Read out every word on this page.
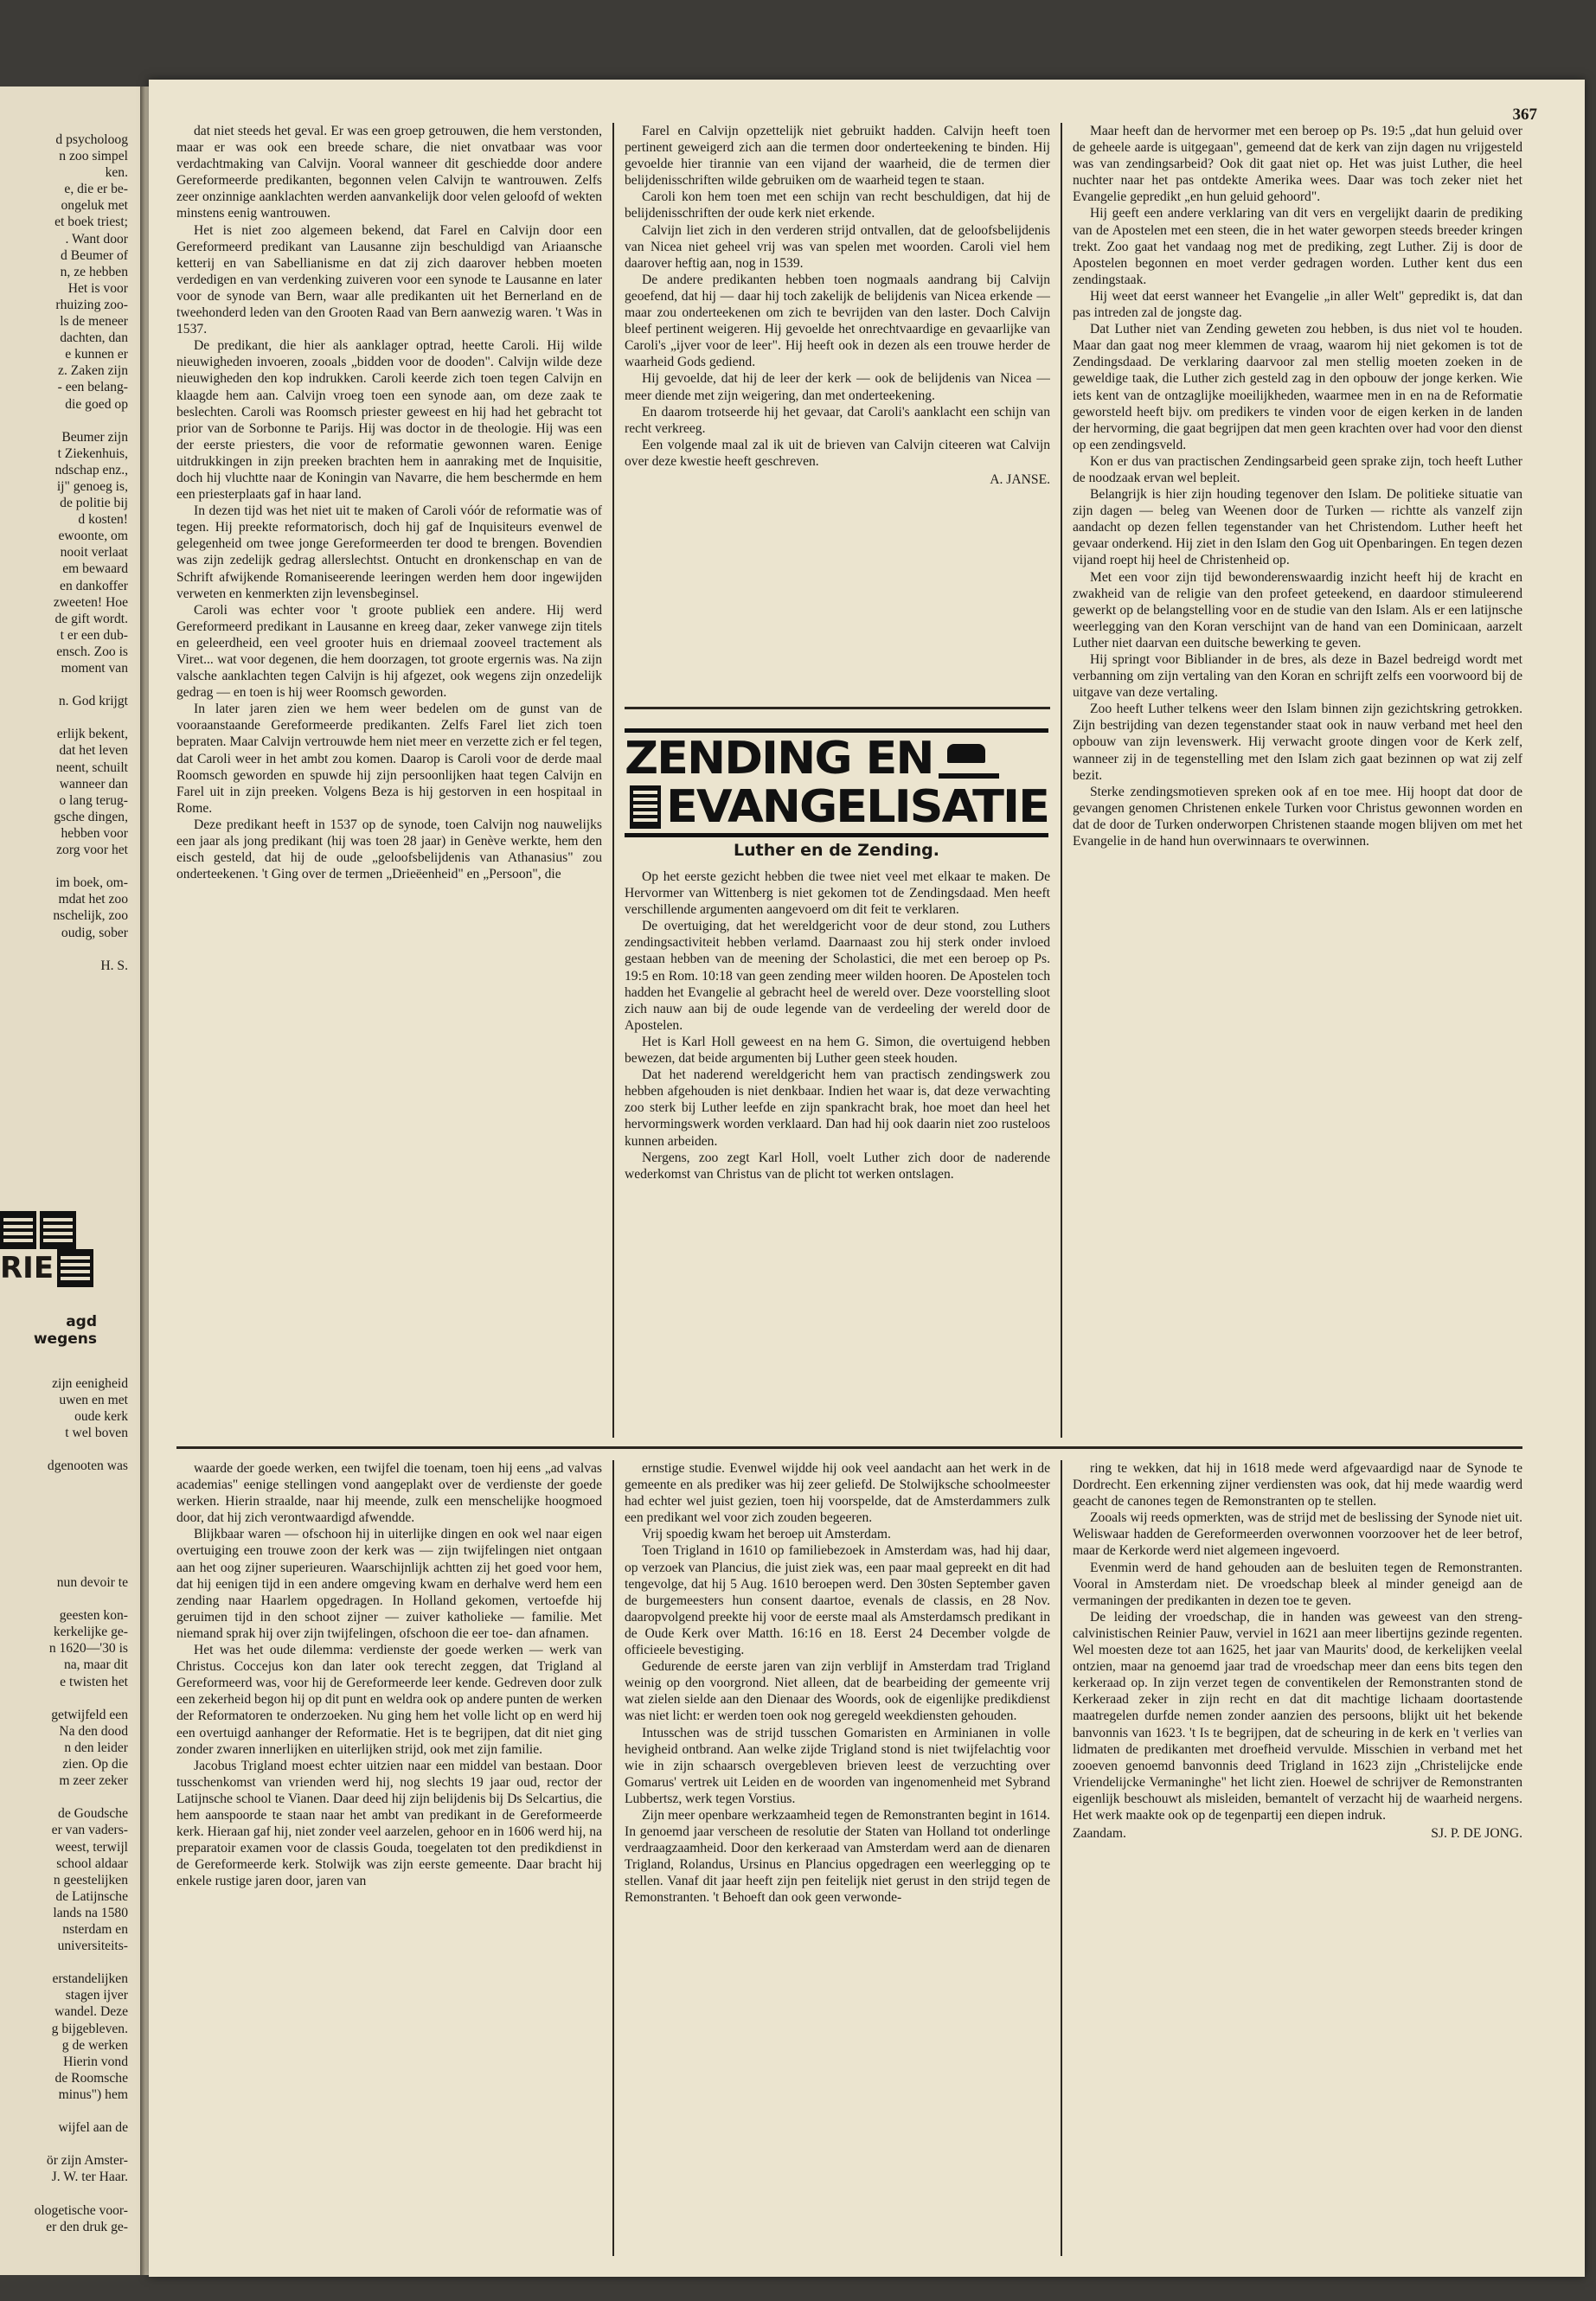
d psycholoog
n zoo simpel
ken.
e, die er be-
ongeluk met
et boek triest;
. Want door
d Beumer of
n, ze hebben
Het is voor
rhuizing zoo-
ls de meneer
dachten, dan
e kunnen er
z. Zaken zijn
- een belang-
die goed op

Beumer zijn
t Ziekenhuis,
ndschap enz.,
ij" genoeg is,
de politie bij
d kosten!
ewoonte, om
nooit verlaat
em bewaard
en dankoffer
zweeten! Hoe
de gift wordt.
t er een dub-
ensch. Zoo is
moment van

n. God krijgt

erlijk bekent,
dat het leven
neent, schuilt
wanneer dan
o lang terug-
gsche dingen,
hebben voor
zorg voor het

im boek, om-
mdat het zoo
nschelijk, zoo
oudig, sober

H. S.
RIE
agd wegens
zijn eenigheid
uwen en met
oude kerk
t wel boven

dgenooten was
nun devoir te

geesten kon-
kerkelijke ge-
n 1620—'30 is
na, maar dit
e twisten het

getwijfeld een
Na den dood
n den leider
zien. Op die
m zeer zeker

de Goudsche
er van vaders-
weest, terwijl
school aldaar
n geestelijken
de Latijnsche
lands na 1580
nsterdam en
universiteits-

erstandelijken
stagen ijver
wandel. Deze
g bijgebleven.
g de werken
Hierin vond
de Roomsche
minus") hem

wijfel aan de

ör zijn Amster-
J. W. ter Haar.

ologetische voor-
er den druk ge-
367

dat niet steeds het geval. Er was een groep getrouwen, die hem verstonden, maar er was ook een breede schare, die niet onvatbaar was voor verdachtmaking van Calvijn. Vooral wanneer dit geschiedde door andere Gereformeerde predikanten, begonnen velen Calvijn te wantrouwen. Zelfs zeer onzinnige aanklachten werden aanvankelijk door velen geloofd of wekten minstens eenig wantrouwen.

Het is niet zoo algemeen bekend, dat Farel en Calvijn door een Gereformeerd predikant van Lausanne zijn beschuldigd van Ariaansche ketterij en van Sabellianisme en dat zij zich daarover hebben moeten verdedigen en van verdenking zuiveren voor een synode te Lausanne en later voor de synode van Bern, waar alle predikanten uit het Bernerland en de tweehonderd leden van den Grooten Raad van Bern aanwezig waren. 't Was in 1537.

De predikant, die hier als aanklager optrad, heette Caroli. Hij wilde nieuwigheden invoeren, zooals „bidden voor de dooden". Calvijn wilde deze nieuwigheden den kop indrukken. Caroli keerde zich toen tegen Calvijn en klaagde hem aan. Calvijn vroeg toen een synode aan, om deze zaak te beslechten. Caroli was Roomsch priester geweest en hij had het gebracht tot prior van de Sorbonne te Parijs. Hij was doctor in de theologie. Hij was een der eerste priesters, die voor de reformatie gewonnen waren. Eenige uitdrukkingen in zijn preeken brachten hem in aanraking met de Inquisitie, doch hij vluchtte naar de Koningin van Navarre, die hem beschermde en hem een priesterplaats gaf in haar land.

In dezen tijd was het niet uit te maken of Caroli vóór de reformatie was of tegen. Hij preekte reformatorisch, doch hij gaf de Inquisiteurs evenwel de gelegenheid om twee jonge Gereformeerden ter dood te brengen. Bovendien was zijn zedelijk gedrag allerslechtst. Ontucht en dronkenschap en van de Schrift afwijkende Romaniseerende leeringen werden hem door ingewijden verweten en kenmerkten zijn levensbeginsel.

Caroli was echter voor 't groote publiek een andere. Hij werd Gereformeerd predikant in Lausanne en kreeg daar, zeker vanwege zijn titels en geleerdheid, een veel grooter huis en driemaal zooveel tractement als Viret... wat voor degenen, die hem doorzagen, tot groote ergernis was. Na zijn valsche aanklachten tegen Calvijn is hij afgezet, ook wegens zijn onzedelijk gedrag — en toen is hij weer Roomsch geworden.

In later jaren zien we hem weer bedelen om de gunst van de vooraanstaande Gereformeerde predikanten. Zelfs Farel liet zich toen bepraten. Maar Calvijn vertrouwde hem niet meer en verzette zich er fel tegen, dat Caroli weer in het ambt zou komen. Daarop is Caroli voor de derde maal Roomsch geworden en spuwde hij zijn persoonlijken haat tegen Calvijn en Farel uit in zijn preeken. Volgens Beza is hij gestorven in een hospitaal in Rome.

Deze predikant heeft in 1537 op de synode, toen Calvijn nog nauwelijks een jaar als jong predikant (hij was toen 28 jaar) in Genève werkte, hem den eisch gesteld, dat hij de oude „geloofsbelijdenis van Athanasius" zou onderteekenen. 't Ging over de termen „Drieëenheid" en „Persoon", die

Farel en Calvijn opzettelijk niet gebruikt hadden. Calvijn heeft toen pertinent geweigerd zich aan die termen door onderteekening te binden. Hij gevoelde hier tirannie van een vijand der waarheid, die de termen dier belijdenisschriften wilde gebruiken om de waarheid tegen te staan.

Caroli kon hem toen met een schijn van recht beschuldigen, dat hij de belijdenisschriften der oude kerk niet erkende.

Calvijn liet zich in den verderen strijd ontvallen, dat de geloofsbelijdenis van Nicea niet geheel vrij was van spelen met woorden. Caroli viel hem daarover heftig aan, nog in 1539.

De andere predikanten hebben toen nogmaals aandrang bij Calvijn geoefend, dat hij — daar hij toch zakelijk de belijdenis van Nicea erkende — maar zou onderteekenen om zich te bevrijden van den laster. Doch Calvijn bleef pertinent weigeren. Hij gevoelde het onrechtvaardige en gevaarlijke van Caroli's „ijver voor de leer". Hij heeft ook in dezen als een trouwe herder de waarheid Gods gediend.

Hij gevoelde, dat hij de leer der kerk — ook de belijdenis van Nicea — meer diende met zijn weigering, dan met onderteekening.

En daarom trotseerde hij het gevaar, dat Caroli's aanklacht een schijn van recht verkreeg.

Een volgende maal zal ik uit de brieven van Calvijn citeeren wat Calvijn over deze kwestie heeft geschreven.

A. JANSE.
ZENDING EN
EVANGELISATIE
Luther en de Zending.

Op het eerste gezicht hebben die twee niet veel met elkaar te maken. De Hervormer van Wittenberg is niet gekomen tot de Zendingsdaad. Men heeft verschillende argumenten aangevoerd om dit feit te verklaren.

De overtuiging, dat het wereldgericht voor de deur stond, zou Luthers zendingsactiviteit hebben verlamd. Daarnaast zou hij sterk onder invloed gestaan hebben van de meening der Scholastici, die met een beroep op Ps. 19:5 en Rom. 10:18 van geen zending meer wilden hooren. De Apostelen toch hadden het Evangelie al gebracht heel de wereld over. Deze voorstelling sloot zich nauw aan bij de oude legende van de verdeeling der wereld door de Apostelen.

Het is Karl Holl geweest en na hem G. Simon, die overtuigend hebben bewezen, dat beide argumenten bij Luther geen steek houden.

Dat het naderend wereldgericht hem van practisch zendingswerk zou hebben afgehouden is niet denkbaar. Indien het waar is, dat deze verwachting zoo sterk bij Luther leefde en zijn spankracht brak, hoe moet dan heel het hervormingswerk worden verklaard. Dan had hij ook daarin niet zoo rusteloos kunnen arbeiden.

Nergens, zoo zegt Karl Holl, voelt Luther zich door de naderende wederkomst van Christus van de plicht tot werken ontslagen.

Maar heeft dan de hervormer met een beroep op Ps. 19:5 „dat hun geluid over de geheele aarde is uitgegaan", gemeend dat de kerk van zijn dagen nu vrijgesteld was van zendingsarbeid? Ook dit gaat niet op. Het was juist Luther, die heel nuchter naar het pas ontdekte Amerika wees. Daar was toch zeker niet het Evangelie gepredikt „en hun geluid gehoord".

Hij geeft een andere verklaring van dit vers en vergelijkt daarin de prediking van de Apostelen met een steen, die in het water geworpen steeds breeder kringen trekt. Zoo gaat het vandaag nog met de prediking, zegt Luther. Zij is door de Apostelen begonnen en moet verder gedragen worden. Luther kent dus een zendingstaak.

Hij weet dat eerst wanneer het Evangelie „in aller Welt" gepredikt is, dat dan pas intreden zal de jongste dag.

Dat Luther niet van Zending geweten zou hebben, is dus niet vol te houden. Maar dan gaat nog meer klemmen de vraag, waarom hij niet gekomen is tot de Zendingsdaad. De verklaring daarvoor zal men stellig moeten zoeken in de geweldige taak, die Luther zich gesteld zag in den opbouw der jonge kerken. Wie iets kent van de ontzaglijke moeilijkheden, waarmee men in en na de Reformatie geworsteld heeft bijv. om predikers te vinden voor de eigen kerken in de landen der hervorming, die gaat begrijpen dat men geen krachten over had voor den dienst op een zendingsveld.

Kon er dus van practischen Zendingsarbeid geen sprake zijn, toch heeft Luther de noodzaak ervan wel bepleit.

Belangrijk is hier zijn houding tegenover den Islam. De politieke situatie van zijn dagen — beleg van Weenen door de Turken — richtte als vanzelf zijn aandacht op dezen fellen tegenstander van het Christendom. Luther heeft het gevaar onderkend. Hij ziet in den Islam den Gog uit Openbaringen. En tegen dezen vijand roept hij heel de Christenheid op.

Met een voor zijn tijd bewonderenswaardig inzicht heeft hij de kracht en zwakheid van de religie van den profeet geteekend, en daardoor stimuleerend gewerkt op de belangstelling voor en de studie van den Islam. Als er een latijnsche weerlegging van den Koran verschijnt van de hand van een Dominicaan, aarzelt Luther niet daarvan een duitsche bewerking te geven.

Hij springt voor Bibliander in de bres, als deze in Bazel bedreigd wordt met verbanning om zijn vertaling van den Koran en schrijft zelfs een voorwoord bij de uitgave van deze vertaling.

Zoo heeft Luther telkens weer den Islam binnen zijn gezichtskring getrokken. Zijn bestrijding van dezen tegenstander staat ook in nauw verband met heel den opbouw van zijn levenswerk. Hij verwacht groote dingen voor de Kerk zelf, wanneer zij in de tegenstelling met den Islam zich gaat bezinnen op wat zij zelf bezit.

Sterke zendingsmotieven spreken ook af en toe mee. Hij hoopt dat door de gevangen genomen Christenen enkele Turken voor Christus gewonnen worden en dat de door de Turken onderworpen Christenen staande mogen blijven om met het Evangelie in de hand hun overwinnaars te overwinnen.

waarde der goede werken, een twijfel die toenam, toen hij eens „ad valvas academias" eenige stellingen vond aangeplakt over de verdienste der goede werken. Hierin straalde, naar hij meende, zulk een menschelijke hoogmoed door, dat hij zich verontwaardigd afwendde.

Blijkbaar waren — ofschoon hij in uiterlijke dingen en ook wel naar eigen overtuiging een trouwe zoon der kerk was — zijn twijfelingen niet ontgaan aan het oog zijner superieuren. Waarschijnlijk achtten zij het goed voor hem, dat hij eenigen tijd in een andere omgeving kwam en derhalve werd hem een zending naar Haarlem opgedragen. In Holland gekomen, vertoefde hij geruimen tijd in den schoot zijner — zuiver katholieke — familie. Met niemand sprak hij over zijn twijfelingen, ofschoon die eer toe- dan afnamen.

Het was het oude dilemma: verdienste der goede werken — werk van Christus. Coccejus kon dan later ook terecht zeggen, dat Trigland al Gereformeerd was, voor hij de Gereformeerde leer kende. Gedreven door zulk een zekerheid begon hij op dit punt en weldra ook op andere punten de werken der Reformatoren te onderzoeken. Nu ging hem het volle licht op en werd hij een overtuigd aanhanger der Reformatie. Het is te begrijpen, dat dit niet ging zonder zwaren innerlijken en uiterlijken strijd, ook met zijn familie.

Jacobus Trigland moest echter uitzien naar een middel van bestaan. Door tusschenkomst van vrienden werd hij, nog slechts 19 jaar oud, rector der Latijnsche school te Vianen. Daar deed hij zijn belijdenis bij Ds Selcartius, die hem aanspoorde te staan naar het ambt van predikant in de Gereformeerde kerk. Hieraan gaf hij, niet zonder veel aarzelen, gehoor en in 1606 werd hij, na preparatoir examen voor de classis Gouda, toegelaten tot den predikdienst in de Gereformeerde kerk. Stolwijk was zijn eerste gemeente. Daar bracht hij enkele rustige jaren door, jaren van

ernstige studie. Evenwel wijdde hij ook veel aandacht aan het werk in de gemeente en als prediker was hij zeer geliefd. De Stolwijksche schoolmeester had echter wel juist gezien, toen hij voorspelde, dat de Amsterdammers zulk een predikant wel voor zich zouden begeeren.

Vrij spoedig kwam het beroep uit Amsterdam.

Toen Trigland in 1610 op familiebezoek in Amsterdam was, had hij daar, op verzoek van Plancius, die juist ziek was, een paar maal gepreekt en dit had tengevolge, dat hij 5 Aug. 1610 beroepen werd. Den 30sten September gaven de burgemeesters hun consent daartoe, evenals de classis, en 28 Nov. daaropvolgend preekte hij voor de eerste maal als Amsterdamsch predikant in de Oude Kerk over Matth. 16:16 en 18. Eerst 24 December volgde de officieele bevestiging.

Gedurende de eerste jaren van zijn verblijf in Amsterdam trad Trigland weinig op den voorgrond. Niet alleen, dat de bearbeiding der gemeente vrij wat zielen sielde aan den Dienaar des Woords, ook de eigenlijke predikdienst was niet licht: er werden toen ook nog geregeld weekdiensten gehouden.

Intusschen was de strijd tusschen Gomaristen en Arminianen in volle hevigheid ontbrand. Aan welke zijde Trigland stond is niet twijfelachtig voor wie in zijn schaarsch overgebleven brieven leest de verzuchting over Gomarus' vertrek uit Leiden en de woorden van ingenomenheid met Sybrand Lubbertsz, werk tegen Vorstius.

Zijn meer openbare werkzaamheid tegen de Remonstranten begint in 1614. In genoemd jaar verscheen de resolutie der Staten van Holland tot onderlinge verdraagzaamheid. Door den kerkeraad van Amsterdam werd aan de dienaren Trigland, Rolandus, Ursinus en Plancius opgedragen een weerlegging op te stellen. Vanaf dit jaar heeft zijn pen feitelijk niet gerust in den strijd tegen de Remonstranten. 't Behoeft dan ook geen verwonde-

ring te wekken, dat hij in 1618 mede werd afgevaardigd naar de Synode te Dordrecht. Een erkenning zijner verdiensten was ook, dat hij mede waardig werd geacht de canones tegen de Remonstranten op te stellen.

Zooals wij reeds opmerkten, was de strijd met de beslissing der Synode niet uit. Weliswaar hadden de Gereformeerden overwonnen voorzoover het de leer betrof, maar de Kerkorde werd niet algemeen ingevoerd.

Evenmin werd de hand gehouden aan de besluiten tegen de Remonstranten. Vooral in Amsterdam niet. De vroedschap bleek al minder geneigd aan de vermaningen der predikanten in dezen toe te geven.

De leiding der vroedschap, die in handen was geweest van den streng-calvinistischen Reinier Pauw, verviel in 1621 aan meer libertijns gezinde regenten. Wel moesten deze tot aan 1625, het jaar van Maurits' dood, de kerkelijken veelal ontzien, maar na genoemd jaar trad de vroedschap meer dan eens bits tegen den kerkeraad op. In zijn verzet tegen de conventikelen der Remonstranten stond de Kerkeraad zeker in zijn recht en dat dit machtige lichaam doortastende maatregelen durfde nemen zonder aanzien des persoons, blijkt uit het bekende banvonnis van 1623. 't Is te begrijpen, dat de scheuring in de kerk en 't verlies van lidmaten de predikanten met droefheid vervulde. Misschien in verband met het zooeven genoemd banvonnis deed Trigland in 1623 zijn „Christelijcke ende Vriendelijcke Vermaninghe" het licht zien. Hoewel de schrijver de Remonstranten eigenlijk beschouwt als misleiden, bemantelt of verzacht hij de waarheid nergens. Het werk maakte ook op de tegenpartij een diepen indruk.

Zaandam.	SJ. P. DE JONG.
